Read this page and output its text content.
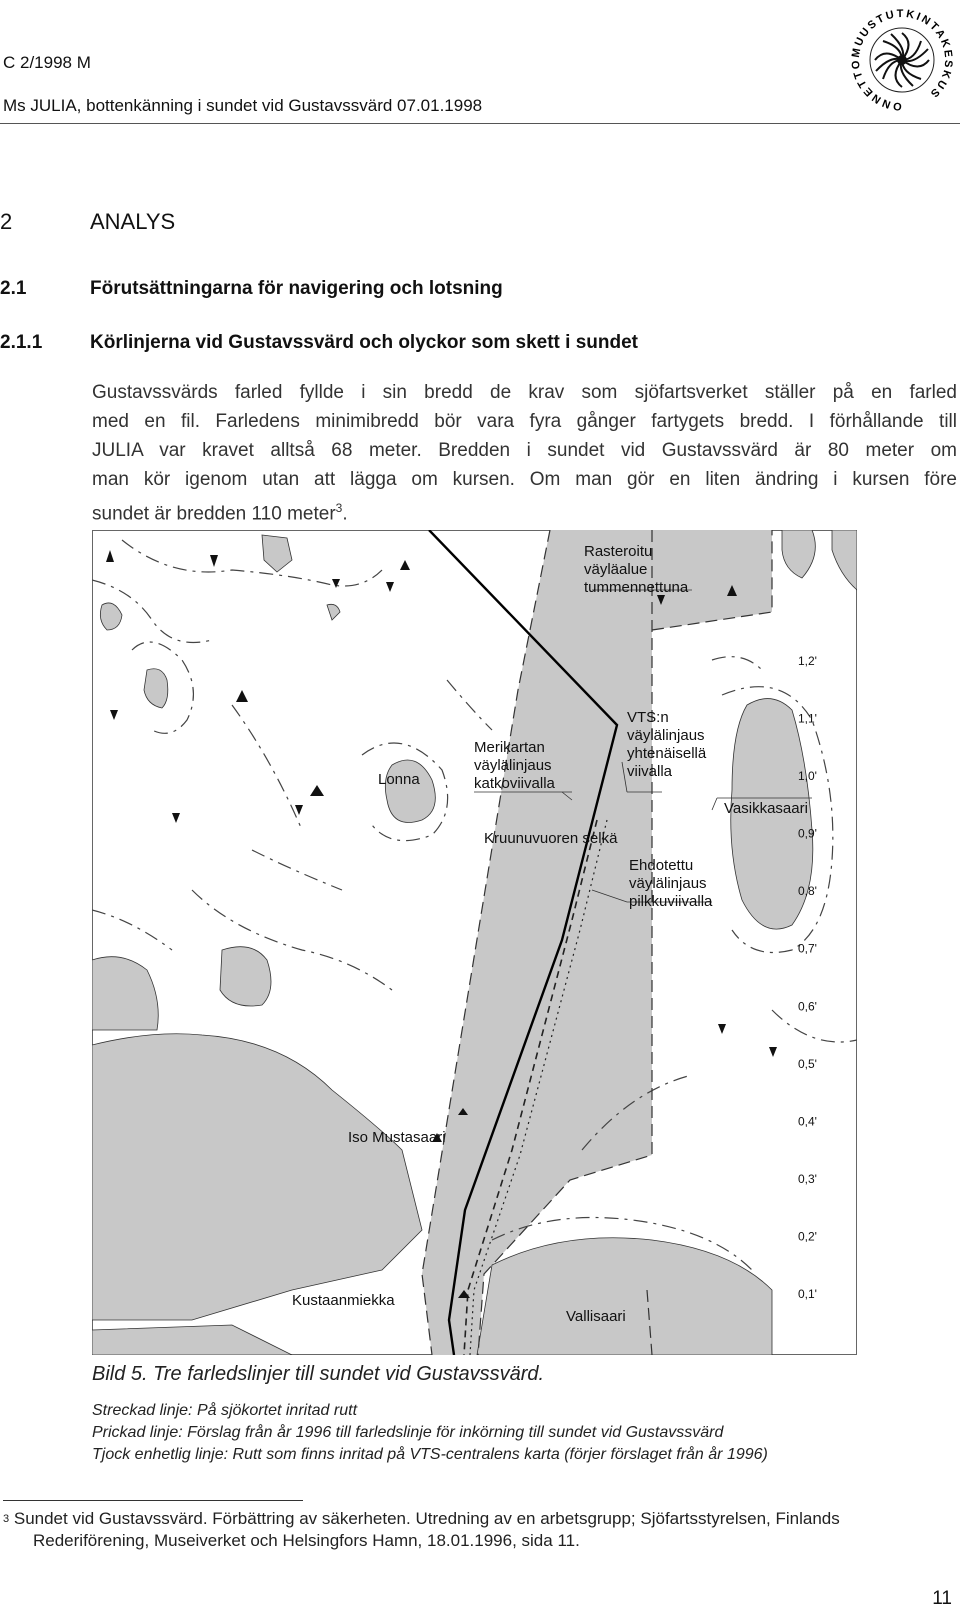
C 2/1998 M
Ms JULIA, bottenkänning i sundet vid Gustavssvärd 07.01.1998	ONNETTOMUUSTUTKINTAKESKUS
2	ANALYS
2.1	Förutsättningarna för navigering och lotsning
2.1.1	Körlinjerna vid Gustavssvärd och olyckor som skett i sundet
Gustavssvärds farled fyllde i sin bredd de krav som sjöfartsverket ställer på en farled
med en fil. Farledens minimibredd bör vara fyra gånger fartygets bredd. I förhållande till
JULIA var kravet alltså 68 meter. Bredden i sundet vid Gustavssvärd är 80 meter om
man kör igenom utan att lägga om kursen. Om man gör en liten ändring i kursen före
sundet är bredden 110 meter$^3$.
Rasteroitu
väyläalue
tummennettuna
VTS:n
väylälinjaus
yhtenäisellä
viivalla
Merikartan
väylälinjaus
katkoviivalla
Lonna
Vasikkasaari
Kruunuvuoren selkä
Ehdotettu
väylälinjaus
pilkkuviivalla
Iso Mustasaari
Kustaanmiekka
Vallisaari
1,2'
1,1'
1,0'
0,9'
0,8'
0,7'
0,6'
0,5'
0,4'
0,3'
0,2'
0,1'
Bild 5. Tre farledslinjer till sundet vid Gustavssvärd.
Streckad linje: På sjökortet inritad rutt
Prickad linje: Förslag från år 1996 till farledslinje för inkörning till sundet vid Gustavssvärd
Tjock enhetlig linje: Rutt som finns inritad på VTS-centralens karta (förjer förslaget från år 1996)
$^3$ Sundet vid Gustavssvärd. Förbättring av säkerheten. Utredning av en arbetsgrupp; Sjöfartsstyrelsen, Finlands
Rederiförening, Museiverket och Helsingfors Hamn, 18.01.1996, sida 11.
11
